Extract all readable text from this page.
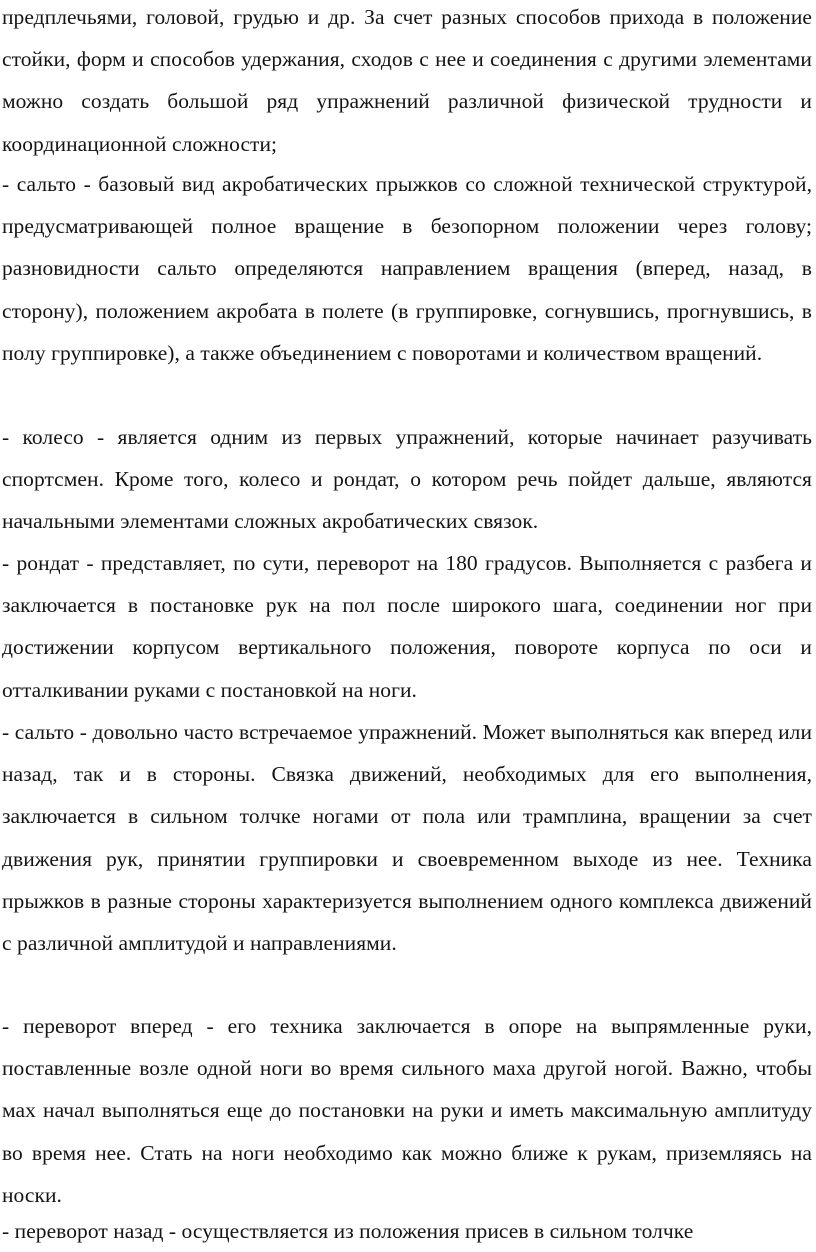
предплечьями, головой, грудью и др. За счет разных способов прихода в положение стойки, форм и способов удержания, сходов с нее и соединения с другими элементами можно создать большой ряд упражнений различной физической трудности и координационной сложности;

- сальто - базовый вид акробатических прыжков со сложной технической структурой, предусматривающей полное вращение в безопорном положении через голову; разновидности сальто определяются направлением вращения (вперед, назад, в сторону), положением акробата в полете (в группировке, согнувшись, прогнувшись, в полу группировке), а также объединением с поворотами и количеством вращений.

- колесо - является одним из первых упражнений, которые начинает разучивать спортсмен. Кроме того, колесо и рондат, о котором речь пойдет дальше, являются начальными элементами сложных акробатических связок.

- рондат - представляет, по сути, переворот на 180 градусов. Выполняется с разбега и заключается в постановке рук на пол после широкого шага, соединении ног при достижении корпусом вертикального положения, повороте корпуса по оси и отталкивании руками с постановкой на ноги.

- сальто - довольно часто встречаемое упражнений. Может выполняться как вперед или назад, так и в стороны. Связка движений, необходимых для его выполнения, заключается в сильном толчке ногами от пола или трамплина, вращении за счет движения рук, принятии группировки и своевременном выходе из нее. Техника прыжков в разные стороны характеризуется выполнением одного комплекса движений с различной амплитудой и направлениями.

- переворот вперед - его техника заключается в опоре на выпрямленные руки, поставленные возле одной ноги во время сильного маха другой ногой. Важно, чтобы мах начал выполняться еще до постановки на руки и иметь максимальную амплитуду во время нее. Стать на ноги необходимо как можно ближе к рукам, приземляясь на носки.

- переворот назад - осуществляется из положения присев в сильном толчке
